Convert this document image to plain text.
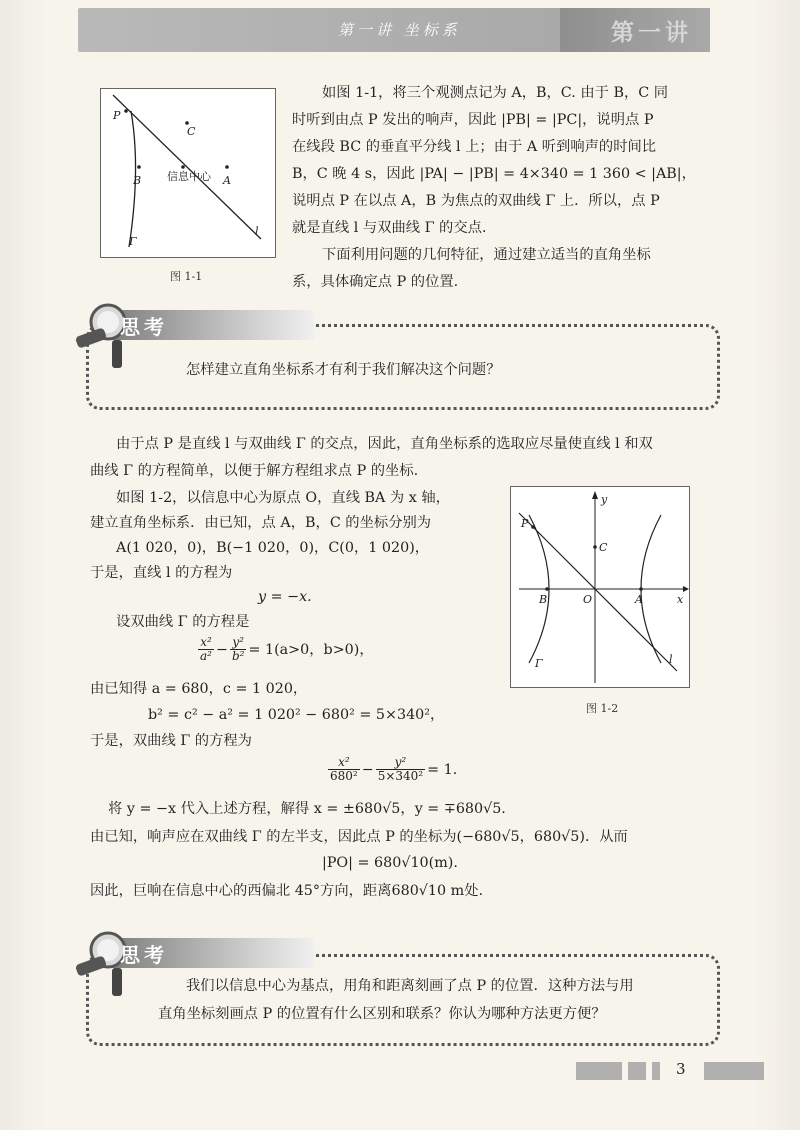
第一讲 坐标系	第一讲
P
C
B 信息中心 A
Γ
l
图 1-1
如图 1-1，将三个观测点记为 A，B，C. 由于 B，C 同
时听到由点 P 发出的响声，因此 |PB| = |PC|，说明点 P
在线段 BC 的垂直平分线 l 上；由于 A 听到响声的时间比
B，C 晚 4 s，因此 |PA| − |PB| = 4×340 = 1 360 < |AB|，
说明点 P 在以点 A，B 为焦点的双曲线 Γ 上．所以，点 P
就是直线 l 与双曲线 Γ 的交点.
下面利用问题的几何特征，通过建立适当的直角坐标
系，具体确定点 P 的位置.
思考
怎样建立直角坐标系才有利于我们解决这个问题？
由于点 P 是直线 l 与双曲线 Γ 的交点，因此，直角坐标系的选取应尽量使直线 l 和双
曲线 Γ 的方程简单，以便于解方程组求点 P 的坐标.
如图 1-2，以信息中心为原点 O，直线 BA 为 x 轴，
建立直角坐标系．由已知，点 A，B，C 的坐标分别为
A(1 020，0)，B(−1 020，0)，C(0，1 020)，
于是，直线 l 的方程为
y = −x.
设双曲线 Γ 的方程是
$\frac{\text{x²}}{\text{a²}} - \frac{\text{y²}}{\text{b²}} = 1(a>0$，b>0)，
由已知得 a = 680，c = 1 020，
b² = c² − a² = 1 020² − 680² = 5×340²，
于是，双曲线 Γ 的方程为
$\frac{\text{x²}}{\text{680²}} - \frac{\text{y²}}{\text{5×340²}} = 1$.
将 y = −x 代入上述方程，解得 x = ±680√5，y = ∓680√5.
由已知，响声应在双曲线 Γ 的左半支，因此点 P 的坐标为(−680√5，680√5)．从而
|PO| = 680√10(m).
因此，巨响在信息中心的西偏北 45°方向，距离680√10 m处.
y
x
P
C
B	O	A
Γ	l
图 1-2
思考
我们以信息中心为基点，用角和距离刻画了点 P 的位置．这种方法与用
直角坐标刻画点 P 的位置有什么区别和联系？你认为哪种方法更方便？
3
